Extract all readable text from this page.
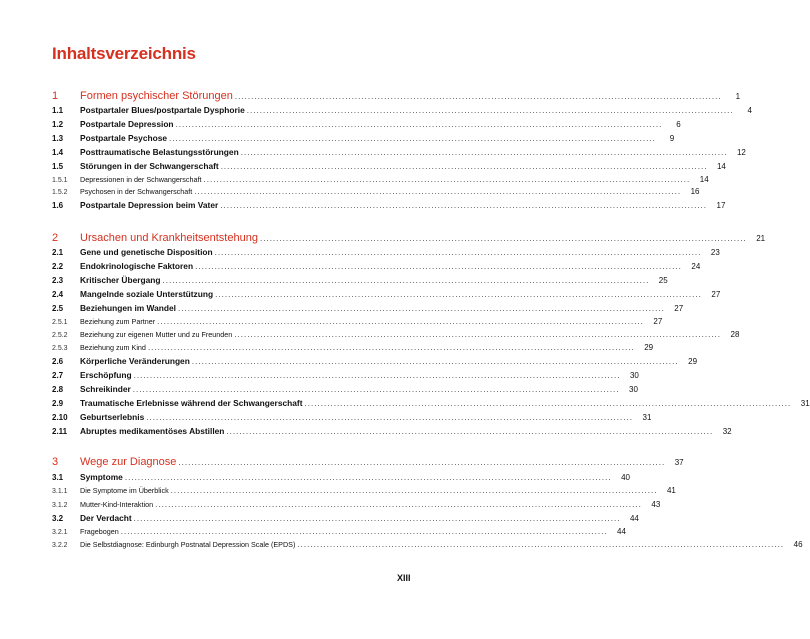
Inhaltsverzeichnis
1	Formen psychischer Störungen . . .	1
1.1	Postpartaler Blues/postpartale Dysphorie . . .	4
1.2	Postpartale Depression . . .	6
1.3	Postpartale Psychose . . .	9
1.4	Posttraumatische Belastungsstörungen . . .	12
1.5	Störungen in der Schwangerschaft . . .	14
1.5.1	Depressionen in der Schwangerschaft . . .	14
1.5.2	Psychosen in der Schwangerschaft . . .	16
1.6	Postpartale Depression beim Vater . . .	17
2	Ursachen und Krankheitsentstehung . . .	21
2.1	Gene und genetische Disposition . . .	23
2.2	Endokrinologische Faktoren . . .	24
2.3	Kritischer Übergang . . .	25
2.4	Mangelnde soziale Unterstützung . . .	27
2.5	Beziehungen im Wandel . . .	27
2.5.1	Beziehung zum Partner . . .	27
2.5.2	Beziehung zur eigenen Mutter und zu Freunden . . .	28
2.5.3	Beziehung zum Kind . . .	29
2.6	Körperliche Veränderungen . . .	29
2.7	Erschöpfung . . .	30
2.8	Schreikinder . . .	30
2.9	Traumatische Erlebnisse während der Schwangerschaft . . .	31
2.10	Geburtserlebnis . . .	31
2.11	Abruptes medikamentöses Abstillen . . .	32
3	Wege zur Diagnose . . .	37
3.1	Symptome . . .	40
3.1.1	Die Symptome im Überblick . . .	41
3.1.2	Mutter-Kind-Interaktion . . .	43
3.2	Der Verdacht . . .	44
3.2.1	Fragebogen . . .	44
3.2.2	Die Selbstdiagnose: Edinburgh Postnatal Depression Scale (EPDS) . . .	46
XIII
